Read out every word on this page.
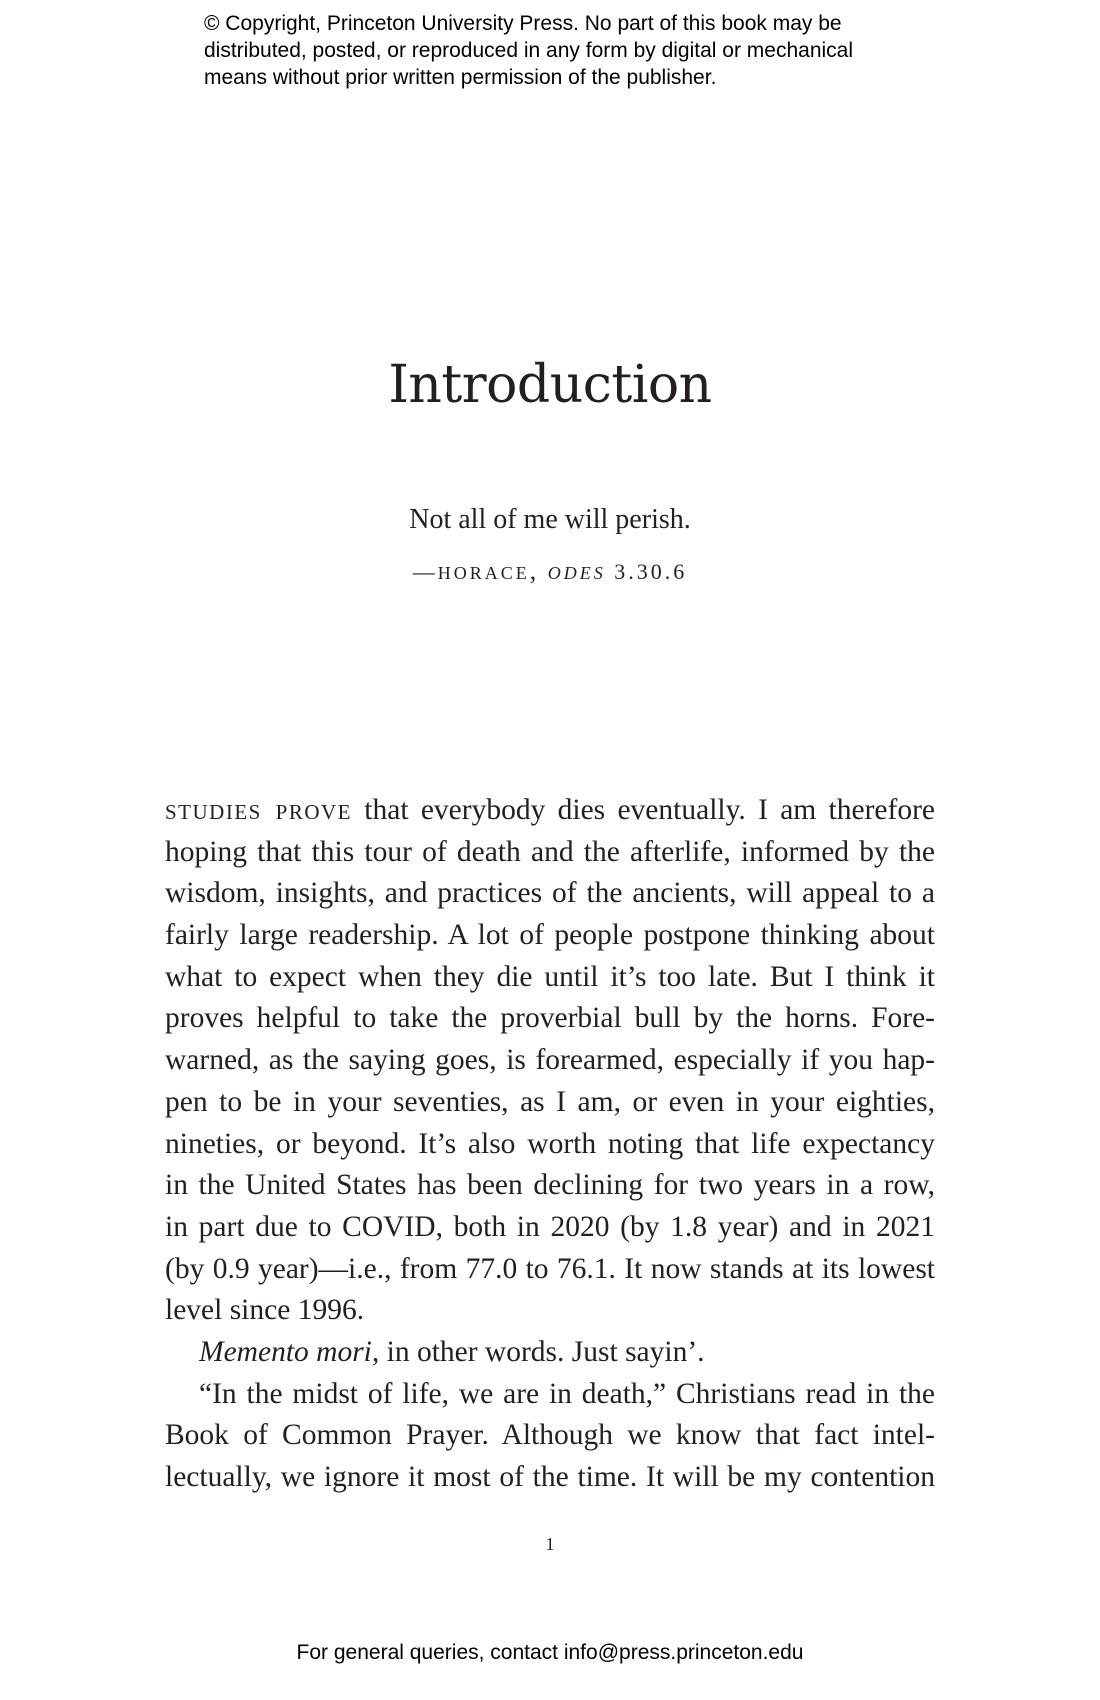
© Copyright, Princeton University Press. No part of this book may be
distributed, posted, or reproduced in any form by digital or mechanical
means without prior written permission of the publisher.
Introduction
Not all of me will perish.
—horace, odes 3.30.6
studies prove that everybody dies eventually. I am therefore
hoping that this tour of death and the afterlife, informed by the
wisdom, insights, and practices of the ancients, will appeal to a
fairly large readership. A lot of people postpone thinking about
what to expect when they die until it’s too late. But I think it
proves helpful to take the proverbial bull by the horns. Fore-
warned, as the saying goes, is forearmed, especially if you hap-
pen to be in your seventies, as I am, or even in your eighties,
nineties, or beyond. It’s also worth noting that life expectancy
in the United States has been declining for two years in a row,
in part due to COVID, both in 2020 (by 1.8 year) and in 2021
(by 0.9 year)—i.e., from 77.0 to 76.1. It now stands at its lowest
level since 1996.
Memento mori, in other words. Just sayin’.
“In the midst of life, we are in death,” Christians read in the
Book of Common Prayer. Although we know that fact intel-
lectually, we ignore it most of the time. It will be my contention
1
For general queries, contact info@press.princeton.edu
